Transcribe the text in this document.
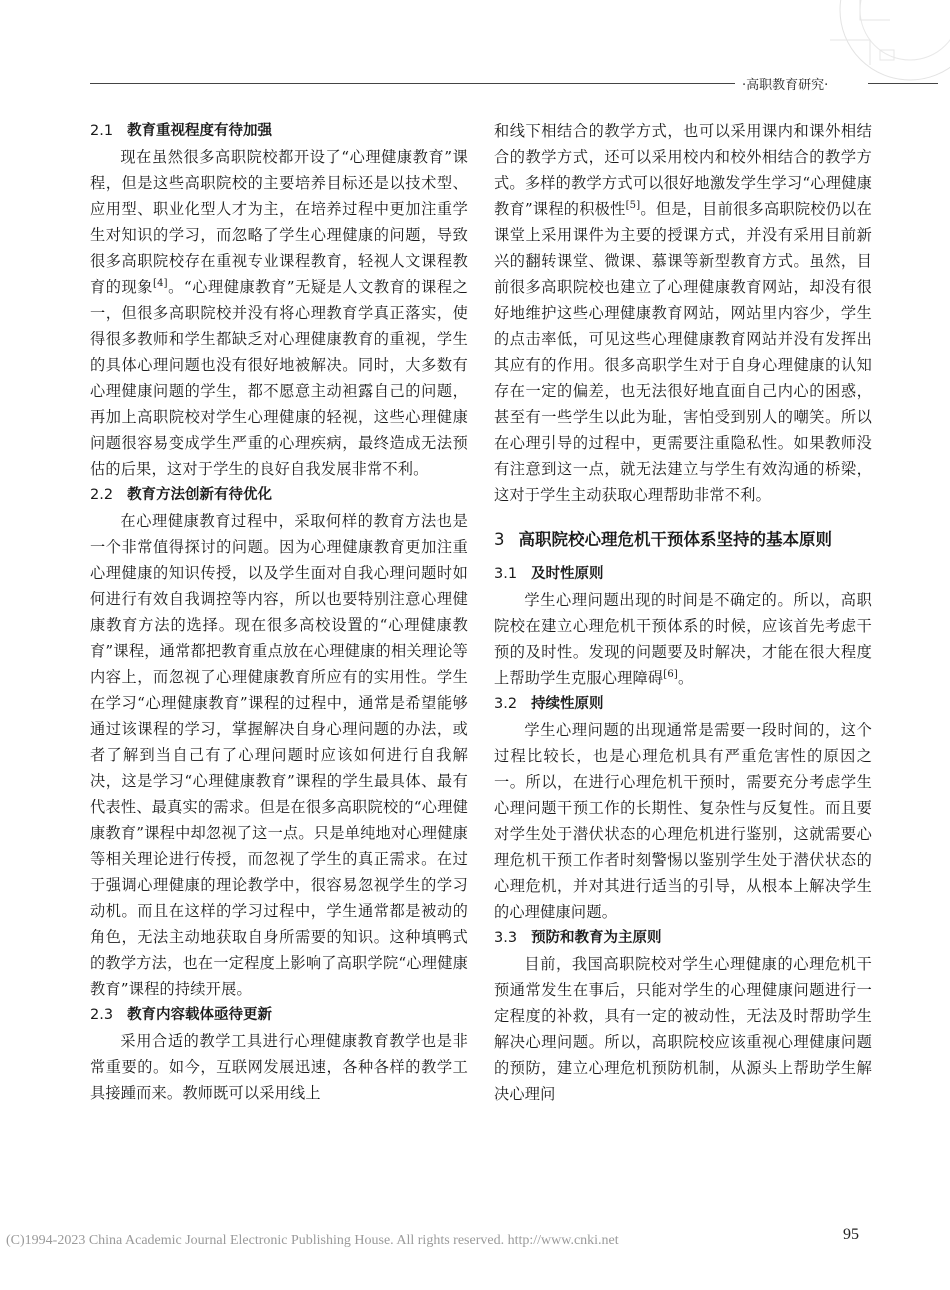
·高职教育研究·
2.1 教育重视程度有待加强

现在虽然很多高职院校都开设了“心理健康教育”课程，但是这些高职院校的主要培养目标还是以技术型、应用型、职业化型人才为主，在培养过程中更加注重学生对知识的学习，而忽略了学生心理健康的问题，导致很多高职院校存在重视专业课程教育，轻视人文课程教育的现象[4]。“心理健康教育”无疑是人文教育的课程之一，但很多高职院校并没有将心理教育学真正落实，使得很多教师和学生都缺乏对心理健康教育的重视，学生的具体心理问题也没有很好地被解决。同时，大多数有心理健康问题的学生，都不愿意主动袒露自己的问题，再加上高职院校对学生心理健康的轻视，这些心理健康问题很容易变成学生严重的心理疾病，最终造成无法预估的后果，这对于学生的良好自我发展非常不利。

2.2 教育方法创新有待优化

在心理健康教育过程中，采取何样的教育方法也是一个非常值得探讨的问题。因为心理健康教育更加注重心理健康的知识传授，以及学生面对自我心理问题时如何进行有效自我调控等内容，所以也要特别注意心理健康教育方法的选择。现在很多高校设置的“心理健康教育”课程，通常都把教育重点放在心理健康的相关理论等内容上，而忽视了心理健康教育所应有的实用性。学生在学习“心理健康教育”课程的过程中，通常是希望能够通过该课程的学习，掌握解决自身心理问题的办法，或者了解到当自己有了心理问题时应该如何进行自我解决，这是学习“心理健康教育”课程的学生最具体、最有代表性、最真实的需求。但是在很多高职院校的“心理健康教育”课程中却忽视了这一点。只是单纯地对心理健康等相关理论进行传授，而忽视了学生的真正需求。在过于强调心理健康的理论教学中，很容易忽视学生的学习动机。而且在这样的学习过程中，学生通常都是被动的角色，无法主动地获取自身所需要的知识。这种填鸭式的教学方法，也在一定程度上影响了高职学院“心理健康教育”课程的持续开展。

2.3 教育内容载体亟待更新

采用合适的教学工具进行心理健康教育教学也是非常重要的。如今，互联网发展迅速，各种各样的教学工具接踵而来。教师既可以采用线上

和线下相结合的教学方式，也可以采用课内和课外相结合的教学方式，还可以采用校内和校外相结合的教学方式。多样的教学方式可以很好地激发学生学习“心理健康教育”课程的积极性[5]。但是，目前很多高职院校仍以在课堂上采用课件为主要的授课方式，并没有采用目前新兴的翻转课堂、微课、慕课等新型教育方式。虽然，目前很多高职院校也建立了心理健康教育网站，却没有很好地维护这些心理健康教育网站，网站里内容少，学生的点击率低，可见这些心理健康教育网站并没有发挥出其应有的作用。很多高职学生对于自身心理健康的认知存在一定的偏差，也无法很好地直面自己内心的困惑，甚至有一些学生以此为耻，害怕受到别人的嘲笑。所以在心理引导的过程中，更需要注重隐私性。如果教师没有注意到这一点，就无法建立与学生有效沟通的桥梁，这对于学生主动获取心理帮助非常不利。

3 高职院校心理危机干预体系坚持的基本原则
3.1 及时性原则

学生心理问题出现的时间是不确定的。所以，高职院校在建立心理危机干预体系的时候，应该首先考虑干预的及时性。发现的问题要及时解决，才能在很大程度上帮助学生克服心理障碍[6]。

3.2 持续性原则

学生心理问题的出现通常是需要一段时间的，这个过程比较长，也是心理危机具有严重危害性的原因之一。所以，在进行心理危机干预时，需要充分考虑学生心理问题干预工作的长期性、复杂性与反复性。而且要对学生处于潜伏状态的心理危机进行鉴别，这就需要心理危机干预工作者时刻警惕以鉴别学生处于潜伏状态的心理危机，并对其进行适当的引导，从根本上解决学生的心理健康问题。

3.3 预防和教育为主原则

目前，我国高职院校对学生心理健康的心理危机干预通常发生在事后，只能对学生的心理健康问题进行一定程度的补救，具有一定的被动性，无法及时帮助学生解决心理问题。所以，高职院校应该重视心理健康问题的预防，建立心理危机预防机制，从源头上帮助学生解决心理问

(C)1994-2023 China Academic Journal Electronic Publishing House. All rights reserved. http://www.cnki.net	95
